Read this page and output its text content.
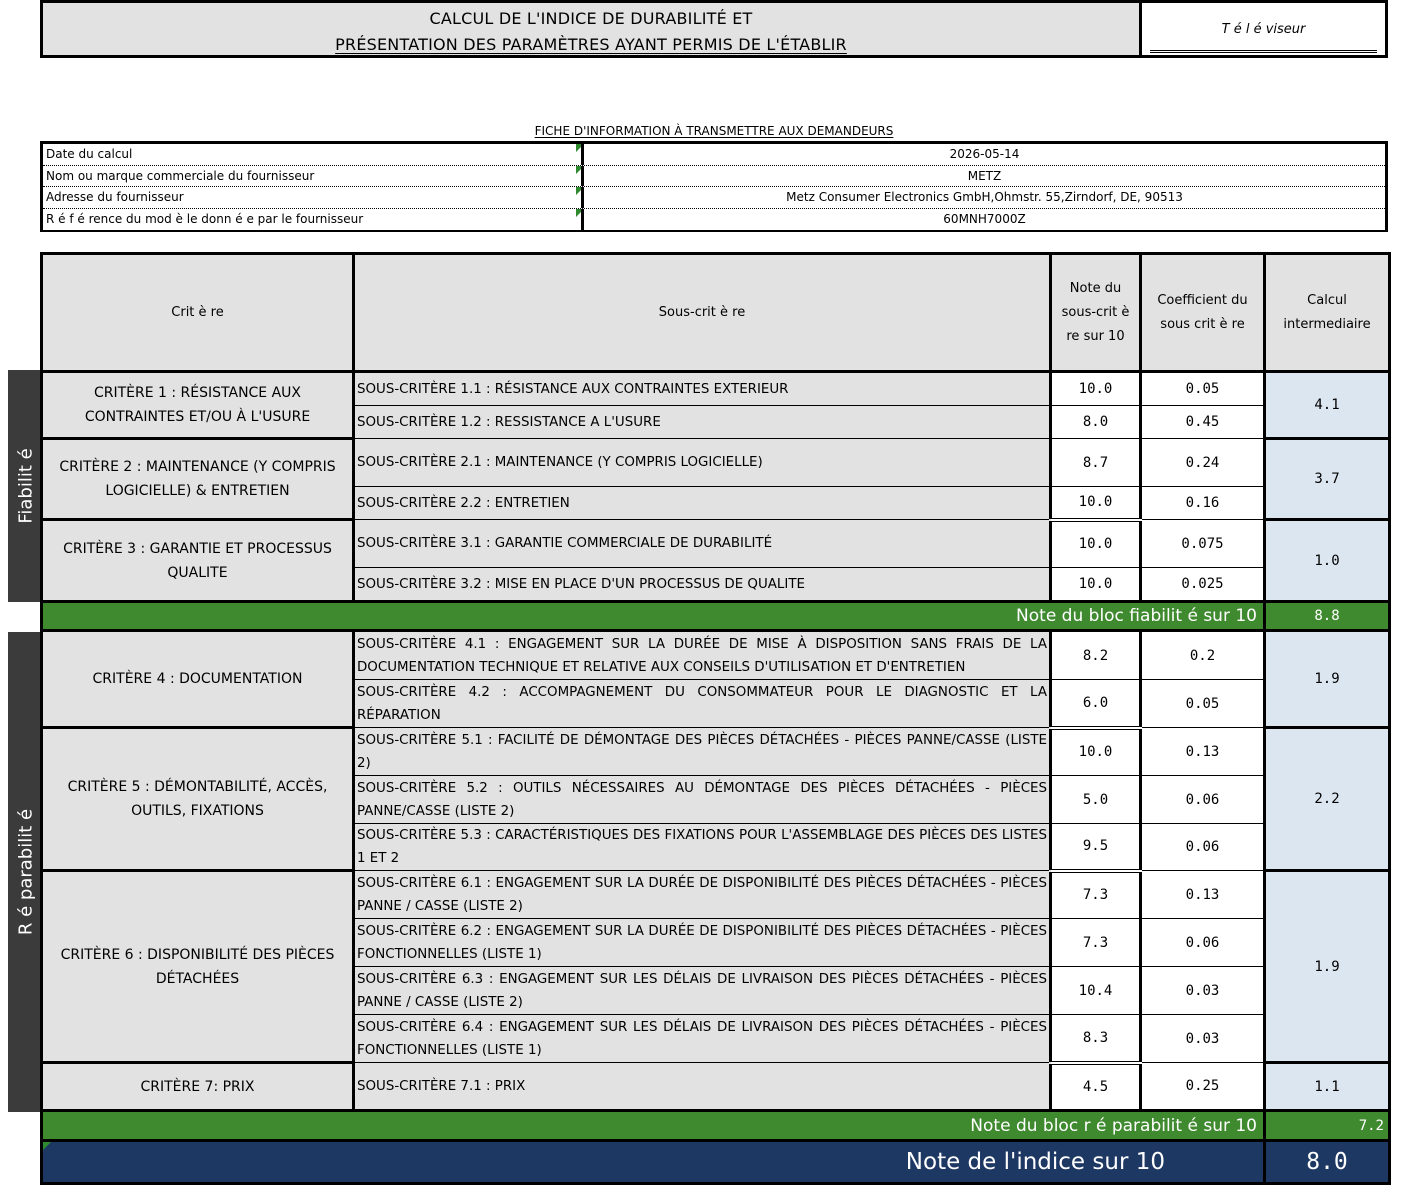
CALCUL DE L'INDICE DE DURABILITÉ ET
PRÉSENTATION DES PARAMÈTRES AYANT PERMIS DE L'ÉTABLIR
T é l é viseur
FICHE D'INFORMATION À TRANSMETTRE AUX DEMANDEURS
Date du calcul	2026-05-14
Nom ou marque commerciale du fournisseur	METZ
Adresse du fournisseur	Metz Consumer Electronics GmbH,Ohmstr. 55,Zirndorf, DE, 90513
R é f é rence du mod è le donn é e par le fournisseur	60MNH7000Z
Fiabilit é
R é parabilit é
Crit è re	Sous-crit è re	Note du sous-crit è re sur 10	Coefficient du sous crit è re	Calcul intermediaire
CRITÈRE 1 : RÉSISTANCE AUX CONTRAINTES ET/OU À L'USURE	SOUS-CRITÈRE 1.1 : RÉSISTANCE AUX CONTRAINTES EXTERIEUR	10.0	0.05	4.1
	SOUS-CRITÈRE 1.2 : RESSISTANCE A L'USURE	8.0	0.45	
CRITÈRE 2 : MAINTENANCE (Y COMPRIS LOGICIELLE) & ENTRETIEN	SOUS-CRITÈRE 2.1 : MAINTENANCE (Y COMPRIS LOGICIELLE)	8.7	0.24	3.7
	SOUS-CRITÈRE 2.2 : ENTRETIEN	10.0	0.16	
CRITÈRE 3 : GARANTIE ET PROCESSUS QUALITE	SOUS-CRITÈRE 3.1 : GARANTIE COMMERCIALE DE DURABILITÉ	10.0	0.075	1.0
	SOUS-CRITÈRE 3.2 : MISE EN PLACE D'UN PROCESSUS DE QUALITE	10.0	0.025	
Note du bloc fiabilit é sur 10				8.8
CRITÈRE 4 : DOCUMENTATION	SOUS-CRITÈRE 4.1 : ENGAGEMENT SUR LA DURÉE DE MISE À DISPOSITION SANS FRAIS DE LA DOCUMENTATION TECHNIQUE ET RELATIVE AUX CONSEILS D'UTILISATION ET D'ENTRETIEN	8.2	0.2	1.9
	SOUS-CRITÈRE 4.2 : ACCOMPAGNEMENT DU CONSOMMATEUR POUR LE DIAGNOSTIC ET LA RÉPARATION	6.0	0.05	
CRITÈRE 5 : DÉMONTABILITÉ, ACCÈS, OUTILS, FIXATIONS	SOUS-CRITÈRE 5.1 : FACILITÉ DE DÉMONTAGE DES PIÈCES DÉTACHÉES - PIÈCES PANNE/CASSE (LISTE 2)	10.0	0.13	2.2
	SOUS-CRITÈRE 5.2 : OUTILS NÉCESSAIRES AU DÉMONTAGE DES PIÈCES DÉTACHÉES - PIÈCES PANNE/CASSE (LISTE 2)	5.0	0.06	
	SOUS-CRITÈRE 5.3 : CARACTÉRISTIQUES DES FIXATIONS POUR L'ASSEMBLAGE DES PIÈCES DES LISTES 1 ET 2	9.5	0.06	
CRITÈRE 6 : DISPONIBILITÉ DES PIÈCES DÉTACHÉES	SOUS-CRITÈRE 6.1 : ENGAGEMENT SUR LA DURÉE DE DISPONIBILITÉ DES PIÈCES DÉTACHÉES - PIÈCES PANNE / CASSE (LISTE 2)	7.3	0.13	1.9
	SOUS-CRITÈRE 6.2 : ENGAGEMENT SUR LA DURÉE DE DISPONIBILITÉ DES PIÈCES DÉTACHÉES - PIÈCES FONCTIONNELLES (LISTE 1)	7.3	0.06	
	SOUS-CRITÈRE 6.3 : ENGAGEMENT SUR LES DÉLAIS DE LIVRAISON DES PIÈCES DÉTACHÉES - PIÈCES PANNE / CASSE (LISTE 2)	10.4	0.03	
	SOUS-CRITÈRE 6.4 : ENGAGEMENT SUR LES DÉLAIS DE LIVRAISON DES PIÈCES DÉTACHÉES - PIÈCES FONCTIONNELLES (LISTE 1)	8.3	0.03	
CRITÈRE 7: PRIX	SOUS-CRITÈRE 7.1 : PRIX	4.5	0.25	1.1
Note du bloc r é parabilit é sur 10				7.2
Note de l'indice sur 10				8.0
